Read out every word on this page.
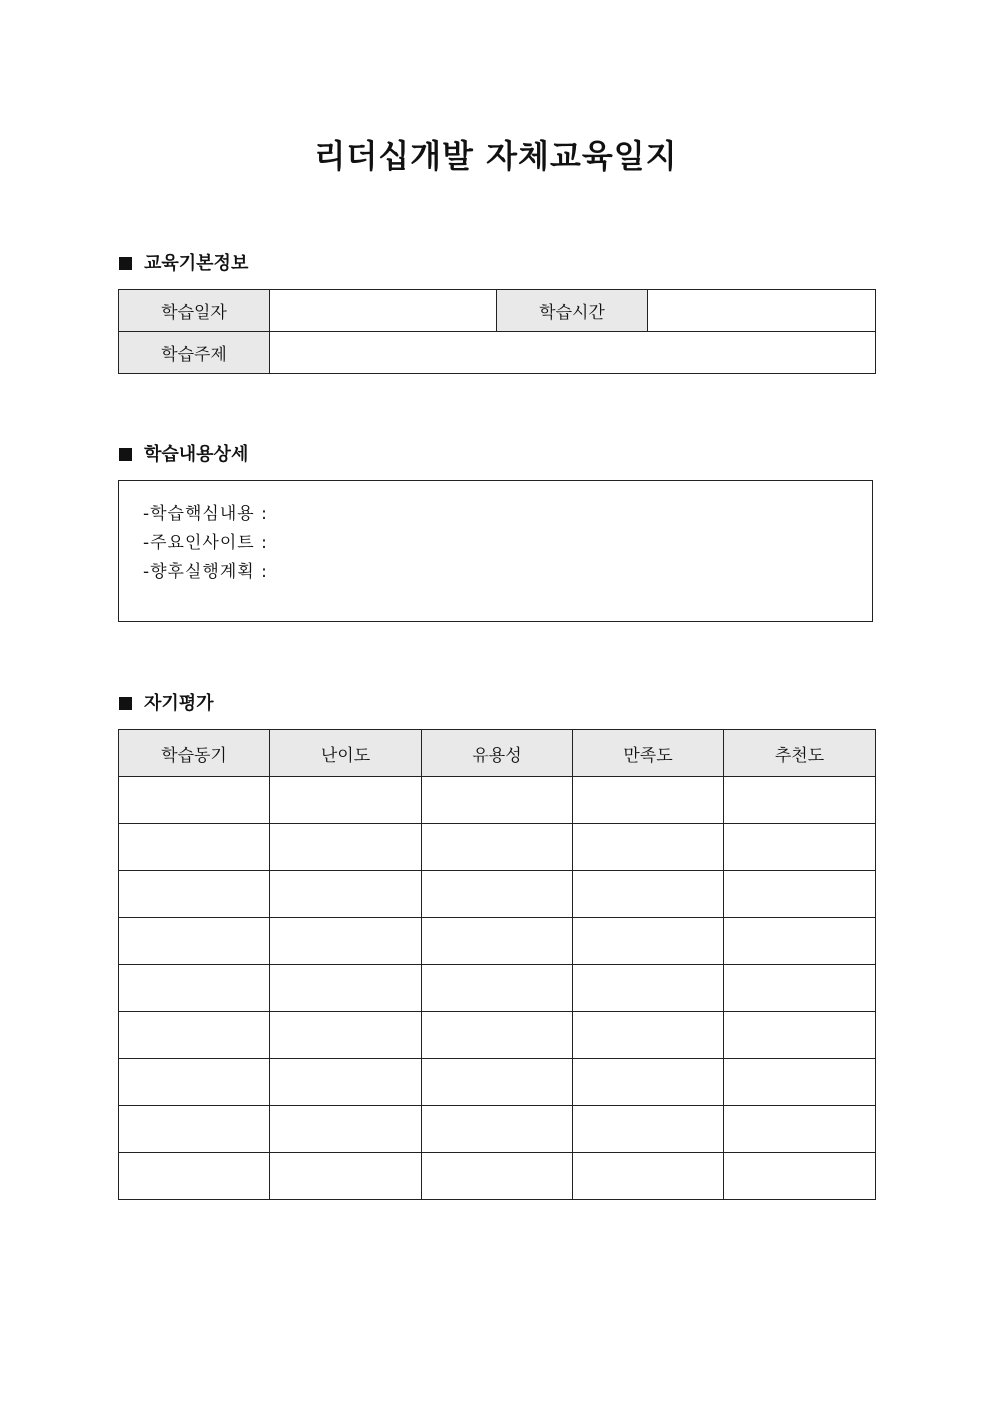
리더십개발 자체교육일지
교육기본정보
학습일자		학습시간	
학습주제			
학습내용상세
-학습핵심내용 :
-주요인사이트 :
-향후실행계획 :
자기평가
학습동기	난이도	유용성	만족도	추천도
